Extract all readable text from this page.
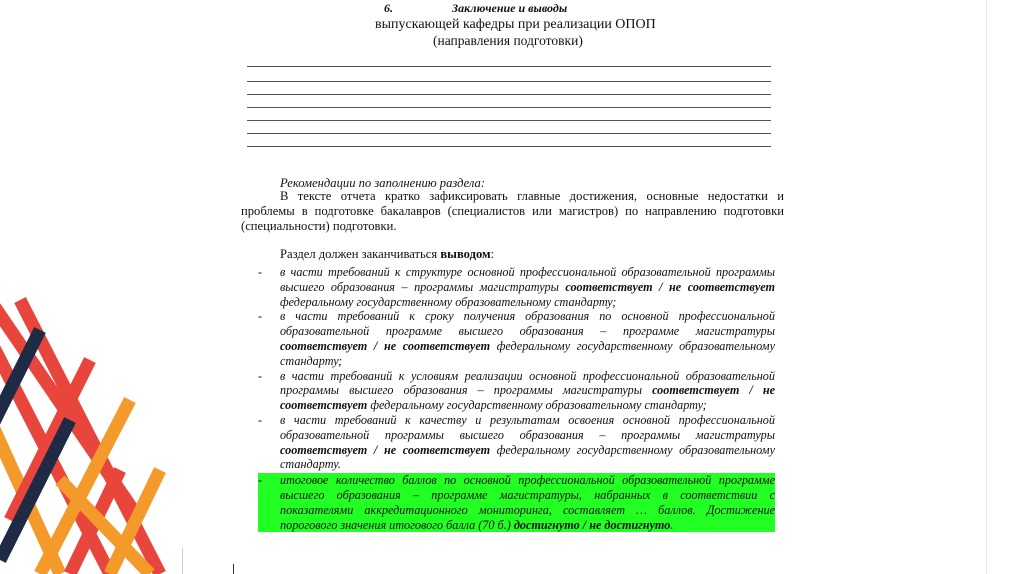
6.	Заключение и выводы
выпускающей кафедры при реализации ОПОП
(направления подготовки)
Рекомендации по заполнению раздела:
В тексте отчета кратко зафиксировать главные достижения, основные недостатки и проблемы в подготовке бакалавров (специалистов или магистров) по направлению подготовки (специальности) подготовки.
Раздел должен заканчиваться выводом:
- в части требований к структуре основной профессиональной образовательной программы высшего образования – программы магистратуры соответствует / не соответствует федеральному государственному образовательному стандарту;
- в части требований к сроку получения образования по основной профессиональной образовательной программе высшего образования – программе магистратуры соответствует / не соответствует федеральному государственному образовательному стандарту;
- в части требований к условиям реализации основной профессиональной образовательной программы высшего образования – программы магистратуры соответствует / не соответствует федеральному государственному образовательному стандарту;
- в части требований к качеству и результатам освоения основной профессиональной образовательной программы высшего образования – программы магистратуры соответствует / не соответствует федеральному государственному образовательному стандарту.
- итоговое количество баллов по основной профессиональной образовательной программе высшего образования – программе магистратуры, набранных в соответствии с показателями аккредитационного мониторинга, составляет … баллов. Достижение порогового значения итогового балла (70 б.) достигнуто / не достигнуто.
